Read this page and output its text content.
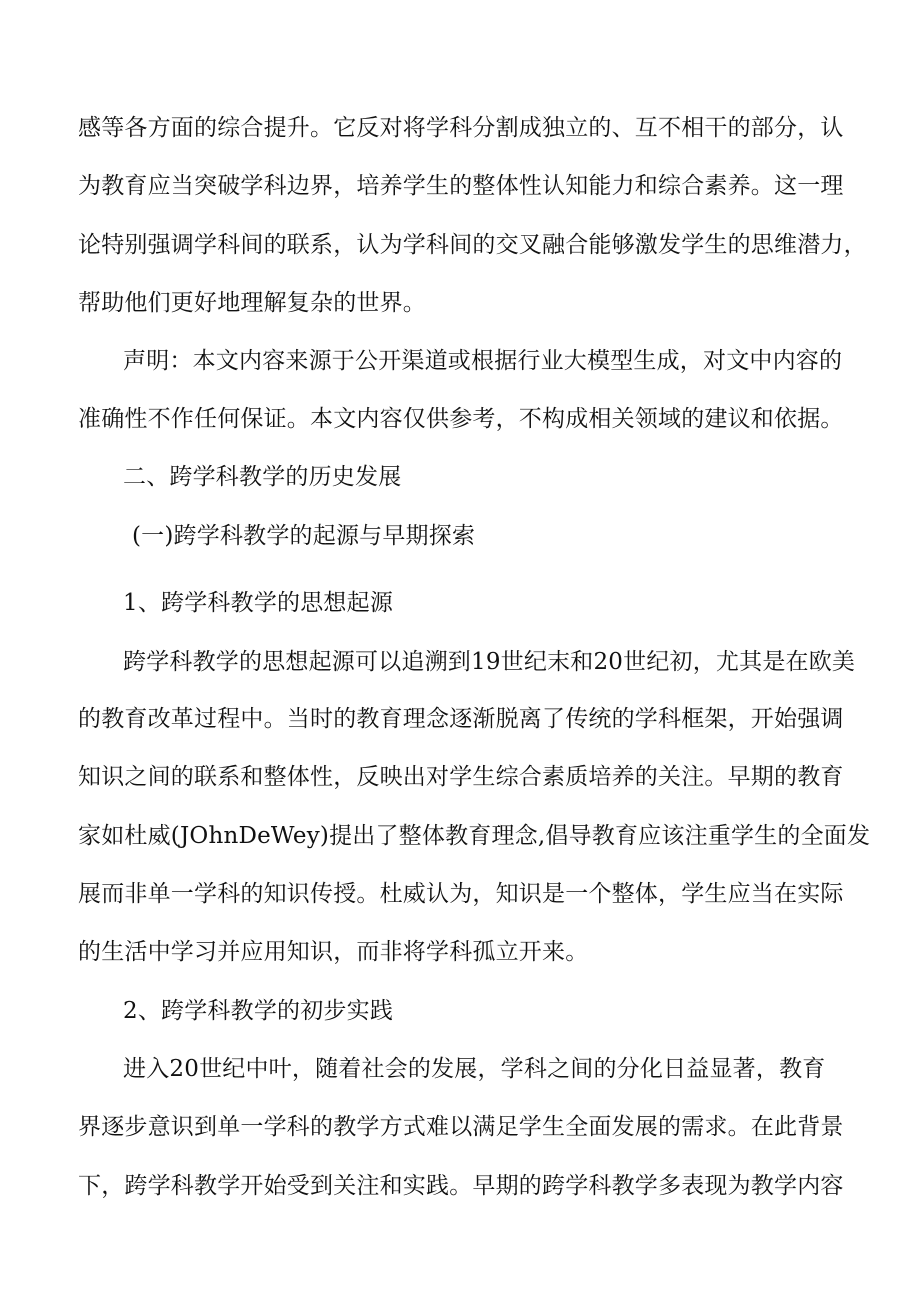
感等各方面的综合提升。它反对将学科分割成独立的、互不相干的部分，认
为教育应当突破学科边界，培养学生的整体性认知能力和综合素养。这一理
论特别强调学科间的联系，认为学科间的交叉融合能够激发学生的思维潜力，
帮助他们更好地理解复杂的世界。
声明：本文内容来源于公开渠道或根据行业大模型生成，对文中内容的
准确性不作任何保证。本文内容仅供参考，不构成相关领域的建议和依据。
二、跨学科教学的历史发展
(一)跨学科教学的起源与早期探索
1、跨学科教学的思想起源
跨学科教学的思想起源可以追溯到19世纪末和20世纪初，尤其是在欧美
的教育改革过程中。当时的教育理念逐渐脱离了传统的学科框架，开始强调
知识之间的联系和整体性，反映出对学生综合素质培养的关注。早期的教育
家如杜威(JOhnDeWey)提出了整体教育理念,倡导教育应该注重学生的全面发
展而非单一学科的知识传授。杜威认为，知识是一个整体，学生应当在实际
的生活中学习并应用知识，而非将学科孤立开来。
2、跨学科教学的初步实践
进入20世纪中叶，随着社会的发展，学科之间的分化日益显著，教育
界逐步意识到单一学科的教学方式难以满足学生全面发展的需求。在此背景
下，跨学科教学开始受到关注和实践。早期的跨学科教学多表现为教学内容
